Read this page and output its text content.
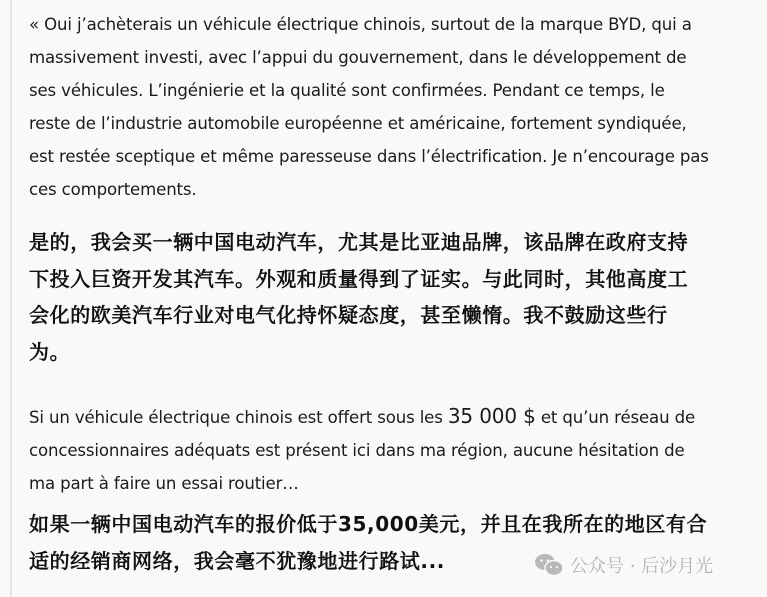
« Oui j’achèterais un véhicule électrique chinois, surtout de la marque BYD, qui a
massivement investi, avec l’appui du gouvernement, dans le développement de
ses véhicules. L’ingénierie et la qualité sont confirmées. Pendant ce temps, le
reste de l’industrie automobile européenne et américaine, fortement syndiquée,
est restée sceptique et même paresseuse dans l’électrification. Je n’encourage pas
ces comportements.
是的，我会买一辆中国电动汽车，尤其是比亚迪品牌，该品牌在政府支持
下投入巨资开发其汽车。外观和质量得到了证实。与此同时，其他高度工
会化的欧美汽车行业对电气化持怀疑态度，甚至懒惰。我不鼓励这些行
为。
Si un véhicule électrique chinois est offert sous les 35 000 $ et qu’un réseau de
concessionnaires adéquats est présent ici dans ma région, aucune hésitation de
ma part à faire un essai routier…
如果一辆中国电动汽车的报价低于35,000美元，并且在我所在的地区有合
适的经销商网络，我会毫不犹豫地进行路试...	公众号 · 后沙月光
